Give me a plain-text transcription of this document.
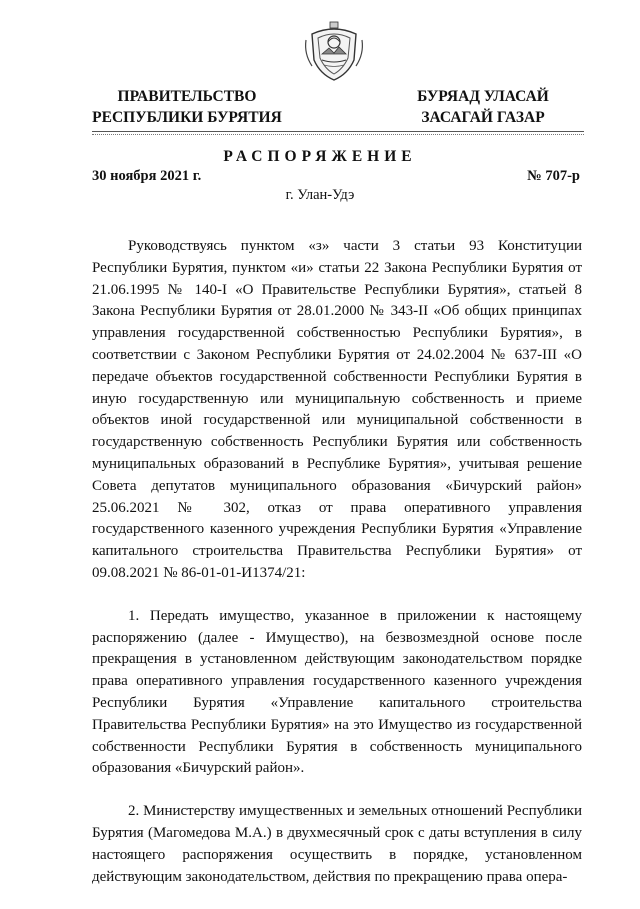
ПРАВИТЕЛЬСТВО
РЕСПУБЛИКИ БУРЯТИЯ
БУРЯАД УЛАСАЙ
ЗАСАГАЙ ГАЗАР
РАСПОРЯЖЕНИЕ
30 ноября 2021 г.	№ 707-р
г. Улан-Удэ

Руководствуясь пунктом «з» части 3 статьи 93 Конституции Республики Бурятия, пунктом «и» статьи 22 Закона Республики Бурятия от 21.06.1995 № 140-I «О Правительстве Республики Бурятия», статьей 8 Закона Республики Бурятия от 28.01.2000 № 343-II «Об общих принципах управления государственной собственностью Республики Бурятия», в соответствии с Законом Республики Бурятия от 24.02.2004 № 637-III «О передаче объектов государственной собственности Республики Бурятия в иную государственную или муниципальную собственность и приеме объектов иной государственной или муниципальной собственности в государственную собственность Республики Бурятия или собственность муниципальных образований в Республике Бурятия», учитывая решение Совета депутатов муниципального образования «Бичурский район» 25.06.2021 № 302, отказ от права оперативного управления государственного казенного учреждения Республики Бурятия «Управление капитального строительства Правительства Республики Бурятия» от 09.08.2021 № 86-01-01-И1374/21:

1. Передать имущество, указанное в приложении к настоящему распоряжению (далее - Имущество), на безвозмездной основе после прекращения в установленном действующим законодательством порядке права оперативного управления государственного казенного учреждения Республики Бурятия «Управление капитального строительства Правительства Республики Бурятия» на это Имущество из государственной собственности Республики Бурятия в собственность муниципального образования «Бичурский район».

2. Министерству имущественных и земельных отношений Республики Бурятия (Магомедова М.А.) в двухмесячный срок с даты вступления в силу настоящего распоряжения осуществить в порядке, установленном действующим законодательством, действия по прекращению права опера-
